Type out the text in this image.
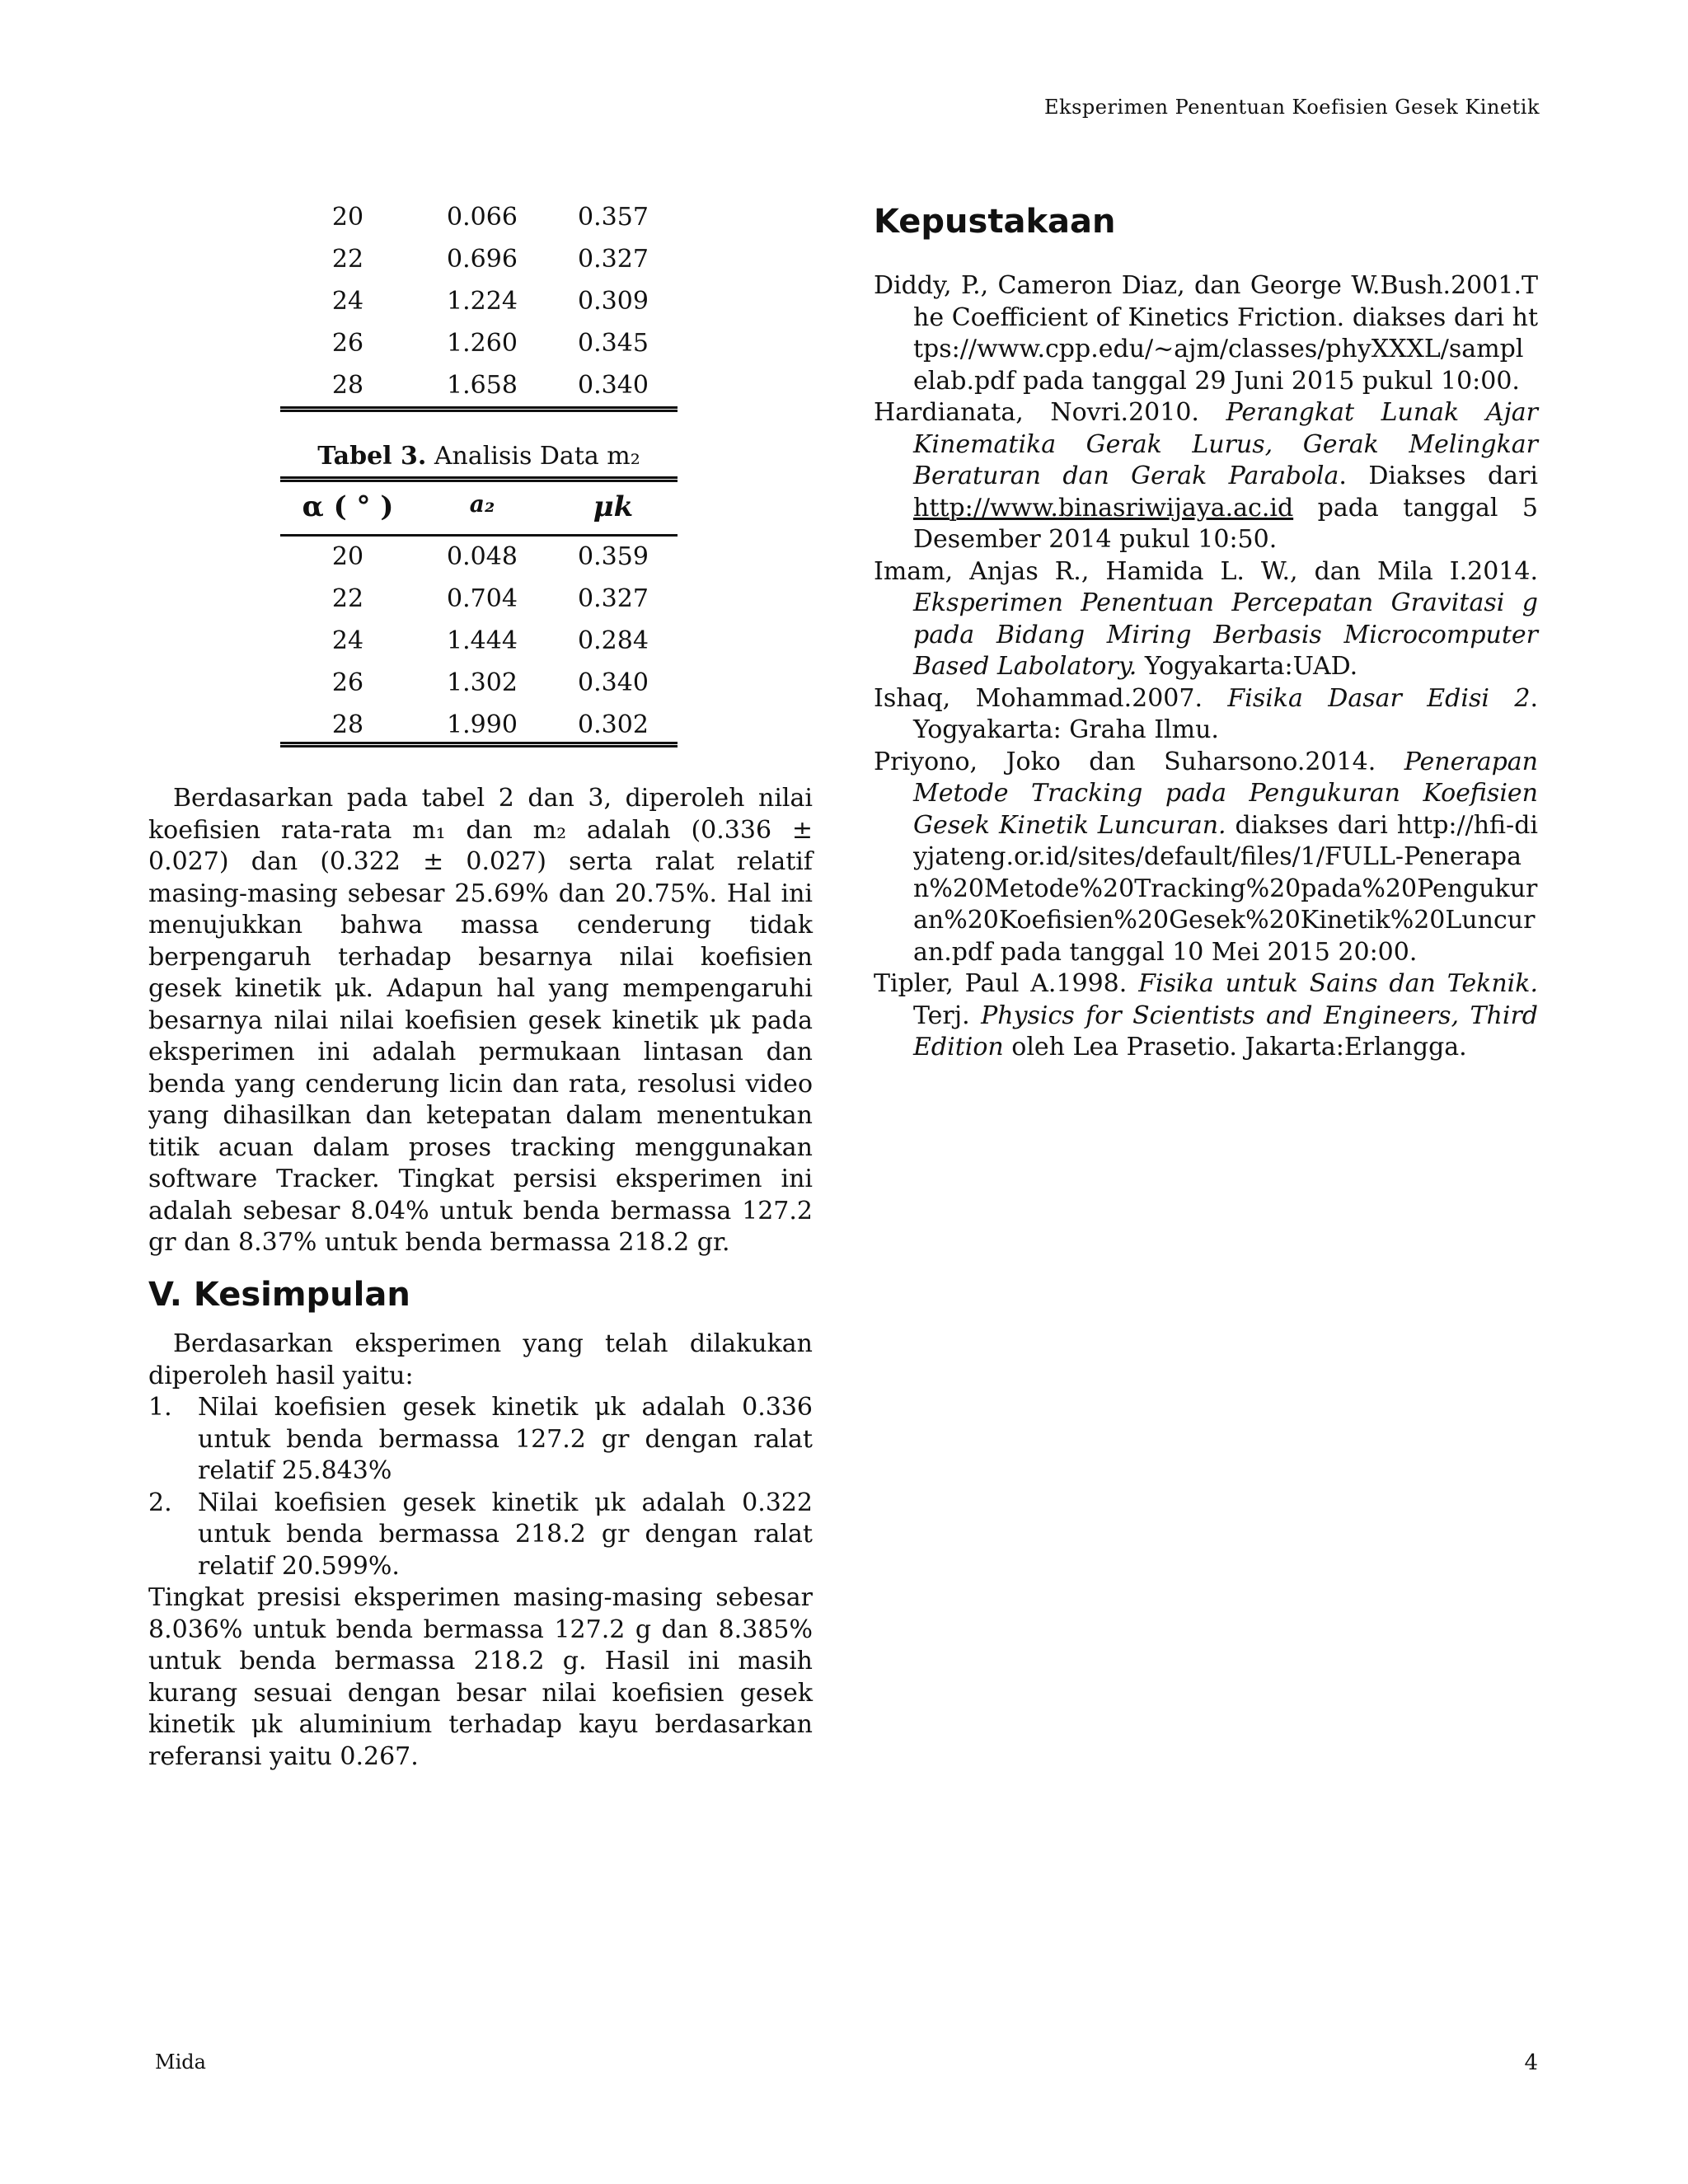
Eksperimen Penentuan Koefisien Gesek Kinetik
20	0.066	0.357
22	0.696	0.327
24	1.224	0.309
26	1.260	0.345
28	1.658	0.340
Tabel 3. Analisis Data m₂
α ( ° )	a₂	μk
20	0.048	0.359
22	0.704	0.327
24	1.444	0.284
26	1.302	0.340
28	1.990	0.302

Berdasarkan pada tabel 2 dan 3, diperoleh nilai koefisien rata-rata m₁ dan m₂ adalah (0.336 ± 0.027) dan (0.322 ± 0.027) serta ralat relatif masing-masing sebesar 25.69% dan 20.75%. Hal ini menujukkan bahwa massa cenderung tidak berpengaruh terhadap besarnya nilai koefisien gesek kinetik μk. Adapun hal yang mempengaruhi besarnya nilai nilai koefisien gesek kinetik μk pada eksperimen ini adalah permukaan lintasan dan benda yang cenderung licin dan rata, resolusi video yang dihasilkan dan ketepatan dalam menentukan titik acuan dalam proses tracking menggunakan software Tracker. Tingkat persisi eksperimen ini adalah sebesar 8.04% untuk benda bermassa 127.2 gr dan 8.37% untuk benda bermassa 218.2 gr.

V. Kesimpulan

Berdasarkan eksperimen yang telah dilakukan diperoleh hasil yaitu:

1. Nilai koefisien gesek kinetik μk adalah 0.336 untuk benda bermassa 127.2 gr dengan ralat relatif 25.843%
2. Nilai koefisien gesek kinetik μk adalah 0.322 untuk benda bermassa 218.2 gr dengan ralat relatif 20.599%.

Tingkat presisi eksperimen masing-masing sebesar 8.036% untuk benda bermassa 127.2 g dan 8.385% untuk benda bermassa 218.2 g. Hasil ini masih kurang sesuai dengan besar nilai koefisien gesek kinetik μk aluminium terhadap kayu berdasarkan referansi yaitu 0.267.

Kepustakaan

Diddy, P., Cameron Diaz, dan George W.Bush.2001.The Coefficient of Kinetics Friction. diakses dari https://www.cpp.edu/~ajm/classes/phyXXXL/samplelab.pdf pada tanggal 29 Juni 2015 pukul 10:00.

Hardianata, Novri.2010. Perangkat Lunak Ajar Kinematika Gerak Lurus, Gerak Melingkar Beraturan dan Gerak Parabola. Diakses dari http://www.binasriwijaya.ac.id pada tanggal 5 Desember 2014 pukul 10:50.

Imam, Anjas R., Hamida L. W., dan Mila I.2014. Eksperimen Penentuan Percepatan Gravitasi g pada Bidang Miring Berbasis Microcomputer Based Labolatory. Yogyakarta:UAD.

Ishaq, Mohammad.2007. Fisika Dasar Edisi 2. Yogyakarta: Graha Ilmu.

Priyono, Joko dan Suharsono.2014. Penerapan Metode Tracking pada Pengukuran Koefisien Gesek Kinetik Luncuran. diakses dari http://hfi-diyjateng.or.id/sites/default/files/1/FULL-Penerapan%20Metode%20Tracking%20pada%20Pengukuran%20Koefisien%20Gesek%20Kinetik%20Luncuran.pdf pada tanggal 10 Mei 2015 20:00.

Tipler, Paul A.1998. Fisika untuk Sains dan Teknik. Terj. Physics for Scientists and Engineers, Third Edition oleh Lea Prasetio. Jakarta:Erlangga.

Mida	4
